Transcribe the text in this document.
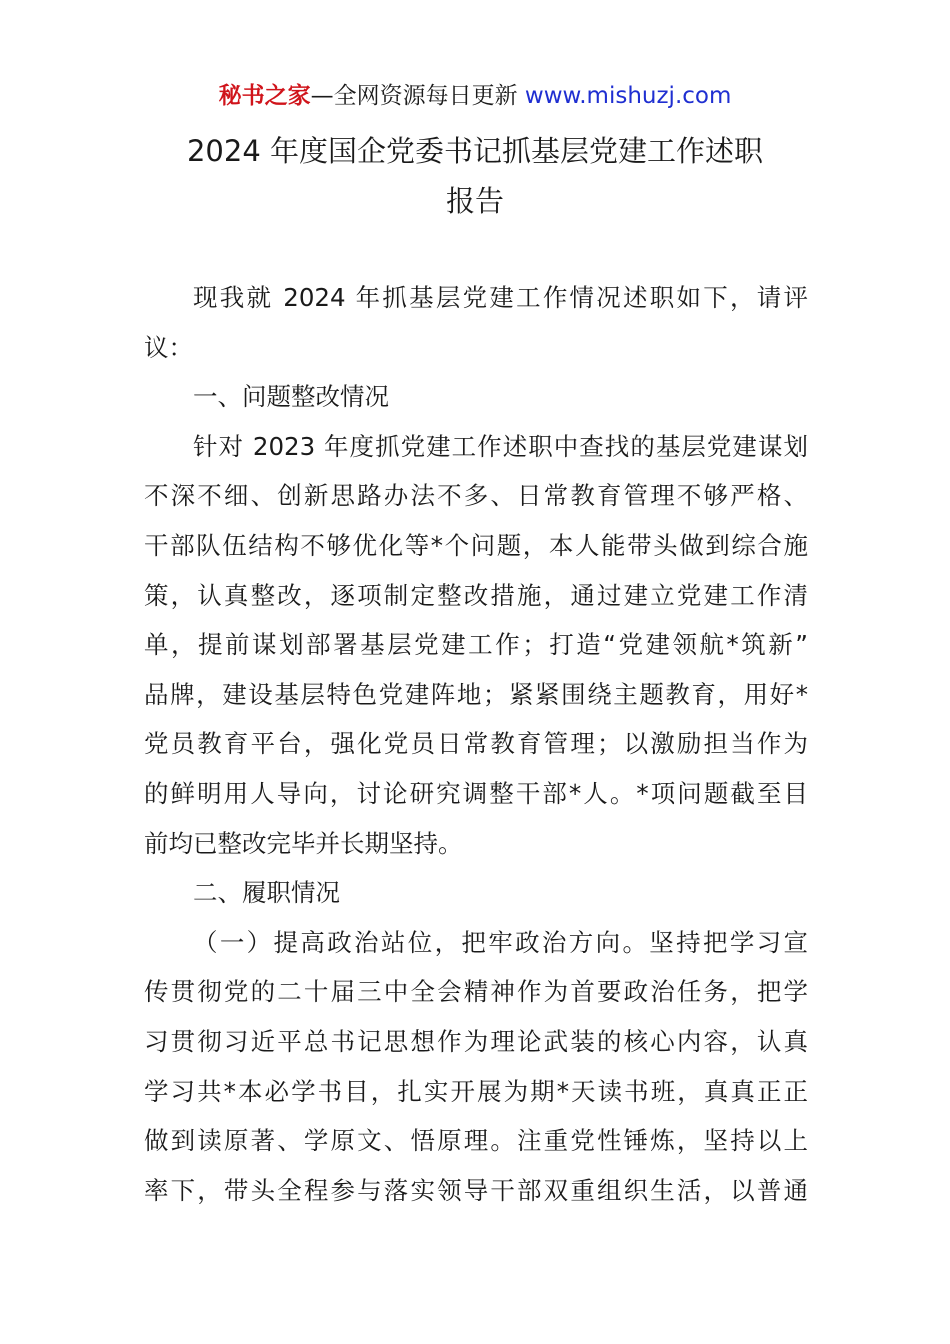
秘书之家—全网资源每日更新 www.mishuzj.com
2024 年度国企党委书记抓基层党建工作述职
报告
现我就 2024 年抓基层党建工作情况述职如下，请评
议：
一、问题整改情况
针对 2023 年度抓党建工作述职中查找的基层党建谋划
不深不细、创新思路办法不多、日常教育管理不够严格、
干部队伍结构不够优化等*个问题，本人能带头做到综合施
策，认真整改，逐项制定整改措施，通过建立党建工作清
单，提前谋划部署基层党建工作；打造“党建领航*筑新”
品牌，建设基层特色党建阵地；紧紧围绕主题教育，用好*
党员教育平台，强化党员日常教育管理；以激励担当作为
的鲜明用人导向，讨论研究调整干部*人。*项问题截至目
前均已整改完毕并长期坚持。
二、履职情况
（一）提高政治站位，把牢政治方向。坚持把学习宣
传贯彻党的二十届三中全会精神作为首要政治任务，把学
习贯彻习近平总书记思想作为理论武装的核心内容，认真
学习共*本必学书目，扎实开展为期*天读书班，真真正正
做到读原著、学原文、悟原理。注重党性锤炼，坚持以上
率下，带头全程参与落实领导干部双重组织生活，以普通
